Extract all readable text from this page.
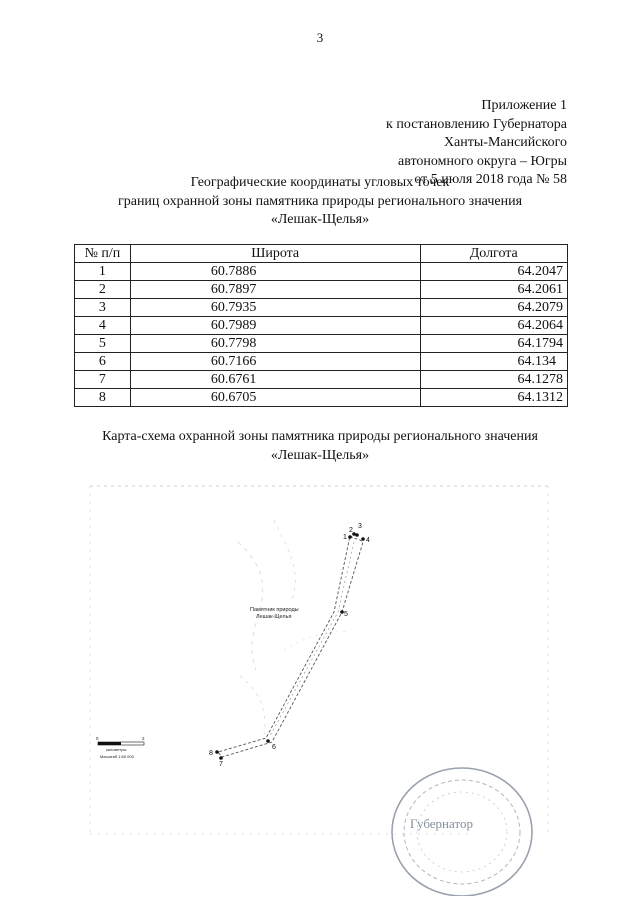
3
Приложение 1
к постановлению Губернатора
Ханты-Мансийского
автономного округа – Югры
от 5 июля 2018 года № 58
Географические координаты угловых точек
границ охранной зоны памятника природы регионального значения
«Лешак-Щелья»
№ п/п	Широта	Долгота
1	60.7886	64.2047
2	60.7897	64.2061
3	60.7935	64.2079
4	60.7989	64.2064
5	60.7798	64.1794
6	60.7166	64.134
7	60.6761	64.1278
8	60.6705	64.1312
Карта-схема охранной зоны памятника природы регионального значения
«Лешак-Щелья»
1
2
3
4
5
6
7
8
Памятник природы
Лешак-Щелья
0	2
километры
Масштаб 1:65 000
Губернатор
